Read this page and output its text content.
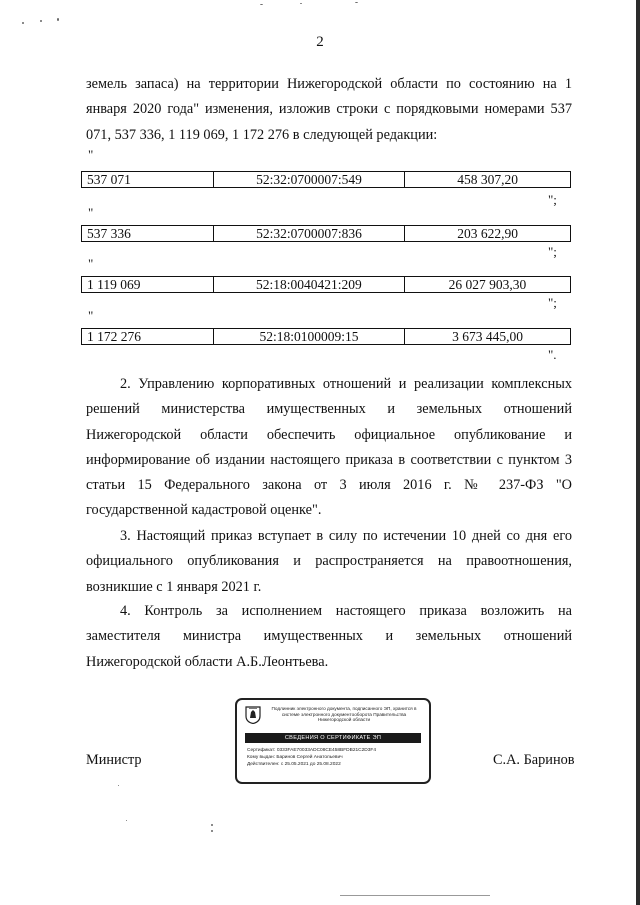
2

земель запаса) на территории Нижегородской области по состоянию на 1 января 2020 года" изменения, изложив строки с порядковыми номерами 537 071, 537 336, 1 119 069, 1 172 276 в следующей редакции:

"
537 071	52:32:0700007:549	458 307,20
";
"
537 336	52:32:0700007:836	203 622,90
";
"
1 119 069	52:18:0040421:209	26 027 903,30
";
"
1 172 276	52:18:0100009:15	3 673 445,00
".

2. Управлению корпоративных отношений и реализации комплексных решений министерства имущественных и земельных отношений Нижегородской области обеспечить официальное опубликование и информирование об издании настоящего приказа в соответствии с пунктом 3 статьи 15 Федерального закона от 3 июля 2016 г. № 237-ФЗ "О государственной кадастровой оценке".

3. Настоящий приказ вступает в силу по истечении 10 дней со дня его официального опубликования и распространяется на правоотношения, возникшие с 1 января 2021 г.

4. Контроль за исполнением настоящего приказа возложить на заместителя министра имущественных и земельных отношений Нижегородской области А.Б.Леонтьева.

Министр	С.А. Баринов
Подлинник электронного документа, подписанного ЭП, хранится в системе электронного документооборота Правительства Нижегородской области
СВЕДЕНИЯ О СЕРТИФИКАТЕ ЭП
Сертификат: 0333FAE70033ADC08CE458BFDB21C2D3F4
Кому выдан: Баринов Сергей Анатольевич
Действителен: с 25.05.2021 до 25.08.2022
